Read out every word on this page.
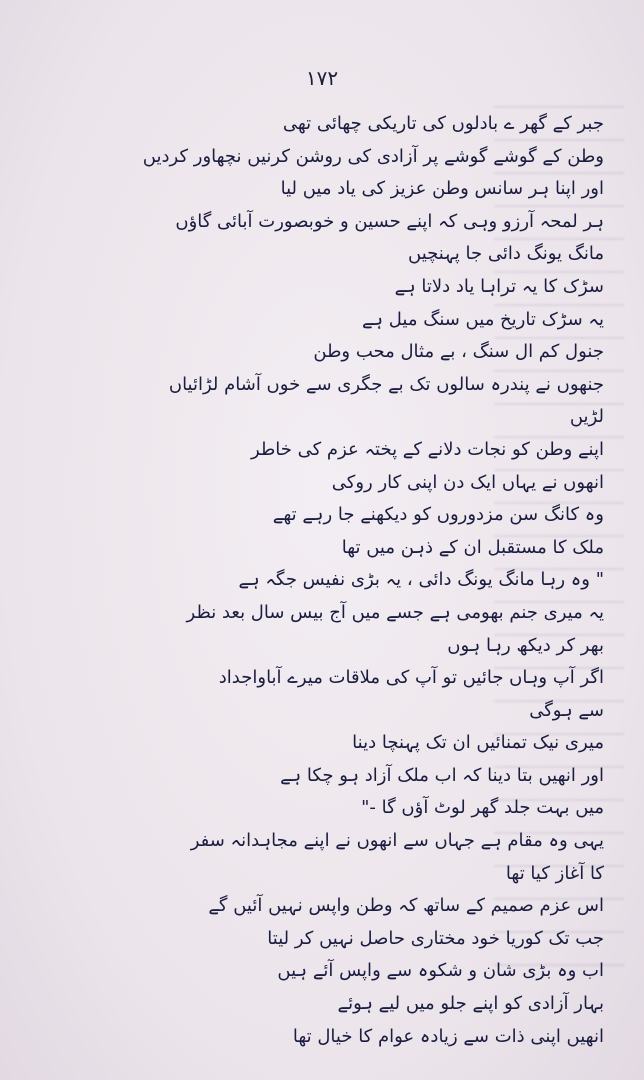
۱۷۲
جبر کے گھر ے بادلوں کی تاریکی چھائی تھی
وطن کے گوشے گوشے پر آزادی کی روشن کرنیں نچھاور کردیں
اور اپنا ہر سانس وطن عزیز کی یاد میں لیا
ہر لمحہ آرزو وہی کہ اپنے حسین و خوبصورت آبائی گاؤں
مانگ یونگ دائی جا پہنچیں
سڑک کا یہ تراہا یاد دلاتا ہے
یہ سڑک تاریخ میں سنگ میل ہے
جنول کم ال سنگ ، بے مثال محب وطن
جنھوں نے پندرہ سالوں تک بے جگری سے خوں آشام لڑائیاں
لڑیں
اپنے وطن کو نجات دلانے کے پختہ عزم کی خاطر
انھوں نے یہاں ایک دن اپنی کار روکی
وہ کانگ سن مزدوروں کو دیکھنے جا رہے تھے
ملک کا مستقبل ان کے ذہن میں تھا
" وہ رہا مانگ یونگ دائی ، یہ بڑی نفیس جگہ ہے
یہ میری جنم بھومی ہے جسے میں آج بیس سال بعد نظر
بھر کر دیکھ رہا ہوں
اگر آپ وہاں جائیں تو آپ کی ملاقات میرے آباواجداد
سے ہوگی
میری نیک تمنائیں ان تک پہنچا دینا
اور انھیں بتا دینا کہ اب ملک آزاد ہو چکا ہے
میں بہت جلد گھر لوٹ آؤں گا -"
یہی وہ مقام ہے جہاں سے انھوں نے اپنے مجاہدانہ سفر
کا آغاز کیا تھا
اس عزم صمیم کے ساتھ کہ وطن واپس نہیں آئیں گے
جب تک کوریا خود مختاری حاصل نہیں کر لیتا
اب وہ بڑی شان و شکوہ سے واپس آئے ہیں
بہار آزادی کو اپنے جلو میں لیے ہوئے
انھیں اپنی ذات سے زیادہ عوام کا خیال تھا
